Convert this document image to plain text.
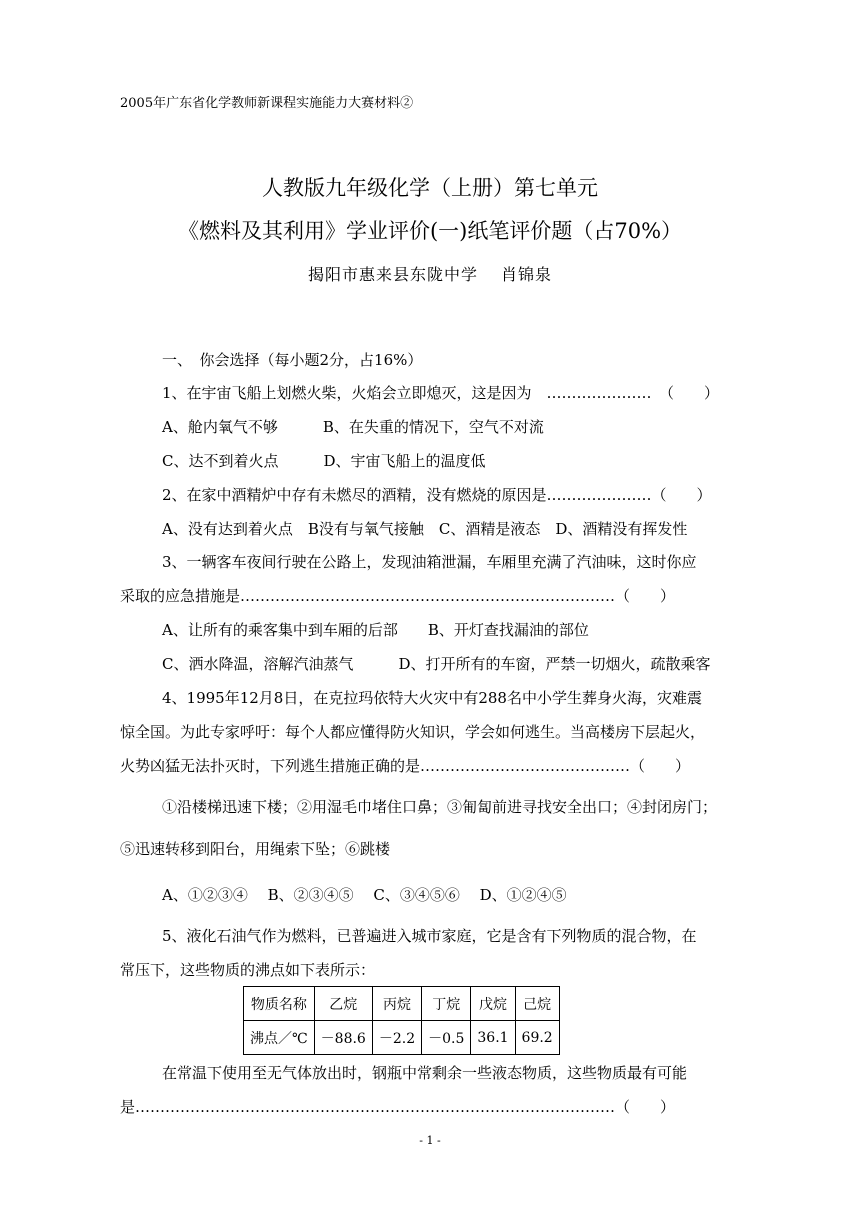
2005年广东省化学教师新课程实施能力大赛材料②
人教版九年级化学（上册）第七单元
《燃料及其利用》学业评价(一)纸笔评价题（占70%）
揭阳市惠来县东陇中学　 肖锦泉
一、　你会选择（每小题2分，占16%）
1、在宇宙飞船上划燃火柴，火焰会立即熄灭，这是因为　…………………　（　　）
A、舱内氧气不够　　　B、在失重的情况下，空气不对流
C、达不到着火点　　　D、宇宙飞船上的温度低
2、在家中酒精炉中存有未燃尽的酒精，没有燃烧的原因是…………………（　　）
A、没有达到着火点　B没有与氧气接触　C、酒精是液态　D、酒精没有挥发性
3、一辆客车夜间行驶在公路上，发现油箱泄漏，车厢里充满了汽油味，这时你应
采取的应急措施是…………………………………………………………………（　　）
A、让所有的乘客集中到车厢的后部　　B、开灯查找漏油的部位
C、洒水降温，溶解汽油蒸气　　　D、打开所有的车窗，严禁一切烟火，疏散乘客
4、1995年12月8日，在克拉玛依特大火灾中有288名中小学生葬身火海，灾难震
惊全国。为此专家呼吁：每个人都应懂得防火知识，学会如何逃生。当高楼房下层起火，
火势凶猛无法扑灭时，下列逃生措施正确的是……………………………………（　　）
①沿楼梯迅速下楼；②用湿毛巾堵住口鼻；③匍匐前进寻找安全出口；④封闭房门；
⑤迅速转移到阳台，用绳索下坠；⑥跳楼
A、①②③④　 B、②③④⑤　 C、③④⑤⑥　 D、①②④⑤
5、液化石油气作为燃料，已普遍进入城市家庭，它是含有下列物质的混合物，在
常压下，这些物质的沸点如下表所示：
物质名称	乙烷	丙烷	丁烷	戊烷	己烷
沸点／℃	－88.6	－2.2	－0.5	36.1	69.2
在常温下使用至无气体放出时，钢瓶中常剩余一些液态物质，这些物质最有可能
是……………………………………………………………………………………（　　）
- 1 -
